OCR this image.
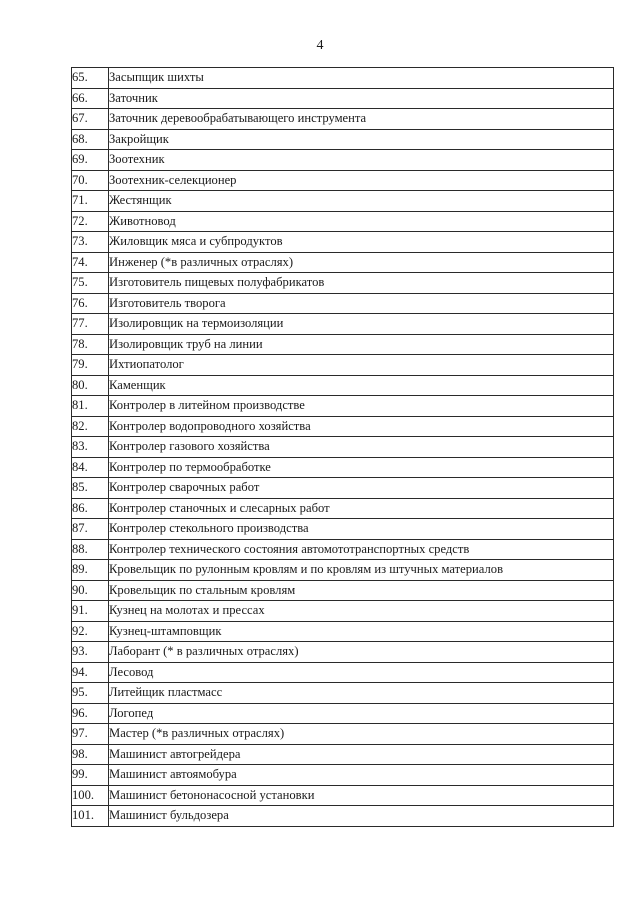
4
65.	Засыпщик шихты
66.	Заточник
67.	Заточник деревообрабатывающего инструмента
68.	Закройщик
69.	Зоотехник
70.	Зоотехник-селекционер
71.	Жестянщик
72.	Животновод
73.	Жиловщик мяса и субпродуктов
74.	Инженер (*в различных отраслях)
75.	Изготовитель пищевых полуфабрикатов
76.	Изготовитель творога
77.	Изолировщик на термоизоляции
78.	Изолировщик труб на линии
79.	Ихтиопатолог
80.	Каменщик
81.	Контролер в литейном производстве
82.	Контролер водопроводного хозяйства
83.	Контролер газового хозяйства
84.	Контролер по термообработке
85.	Контролер сварочных работ
86.	Контролер станочных и слесарных работ
87.	Контролер стекольного производства
88.	Контролер технического состояния автомототранспортных средств
89.	Кровельщик по рулонным кровлям и по кровлям из штучных материалов
90.	Кровельщик по стальным кровлям
91.	Кузнец на молотах и прессах
92.	Кузнец-штамповщик
93.	Лаборант (* в различных отраслях)
94.	Лесовод
95.	Литейщик пластмасс
96.	Логопед
97.	Мастер (*в различных отраслях)
98.	Машинист автогрейдера
99.	Машинист автоямобура
100.	Машинист бетононасосной установки
101.	Машинист бульдозера
